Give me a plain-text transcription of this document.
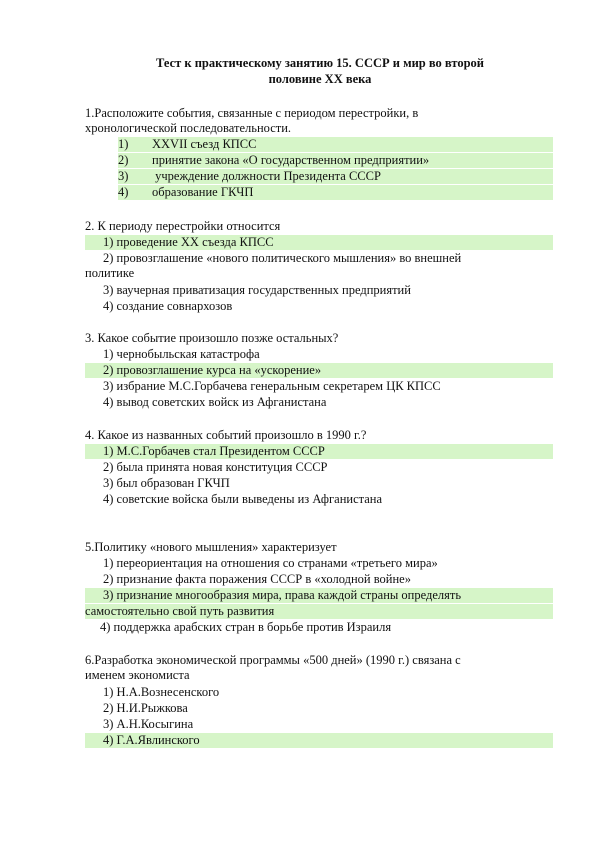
Тест к практическому занятию 15. СССР и мир во второй
половине XX века
1.Расположите события, связанные с периодом перестройки, в
хронологической последовательности.
1) XXVII съезд КПСС
2) принятие закона «О государственном предприятии»
3) учреждение должности Президента СССР
4) образование ГКЧП
2. К периоду перестройки относится
1) проведение XX съезда КПСС
2) провозглашение «нового политического мышления» во внешней
политике
3) ваучерная приватизация государственных предприятий
4) создание совнархозов
3. Какое событие произошло позже остальных?
1) чернобыльская катастрофа
2) провозглашение курса на «ускорение»
3) избрание М.С.Горбачева генеральным секретарем ЦК КПСС
4) вывод советских войск из Афганистана
4. Какое из названных событий произошло в 1990 г.?
1) М.С.Горбачев стал Президентом СССР
2) была принята новая конституция СССР
3) был образован ГКЧП
4) советские войска были выведены из Афганистана
5.Политику «нового мышления» характеризует
1) переориентация на отношения со странами «третьего мира»
2) признание факта поражения СССР в «холодной войне»
3) признание многообразия мира, права каждой страны определять
самостоятельно свой путь развития
4) поддержка арабских стран в борьбе против Израиля
6.Разработка экономической программы «500 дней» (1990 г.) связана с
именем экономиста
1) Н.А.Вознесенского
2) Н.И.Рыжкова
3) А.Н.Косыгина
4) Г.А.Явлинского
